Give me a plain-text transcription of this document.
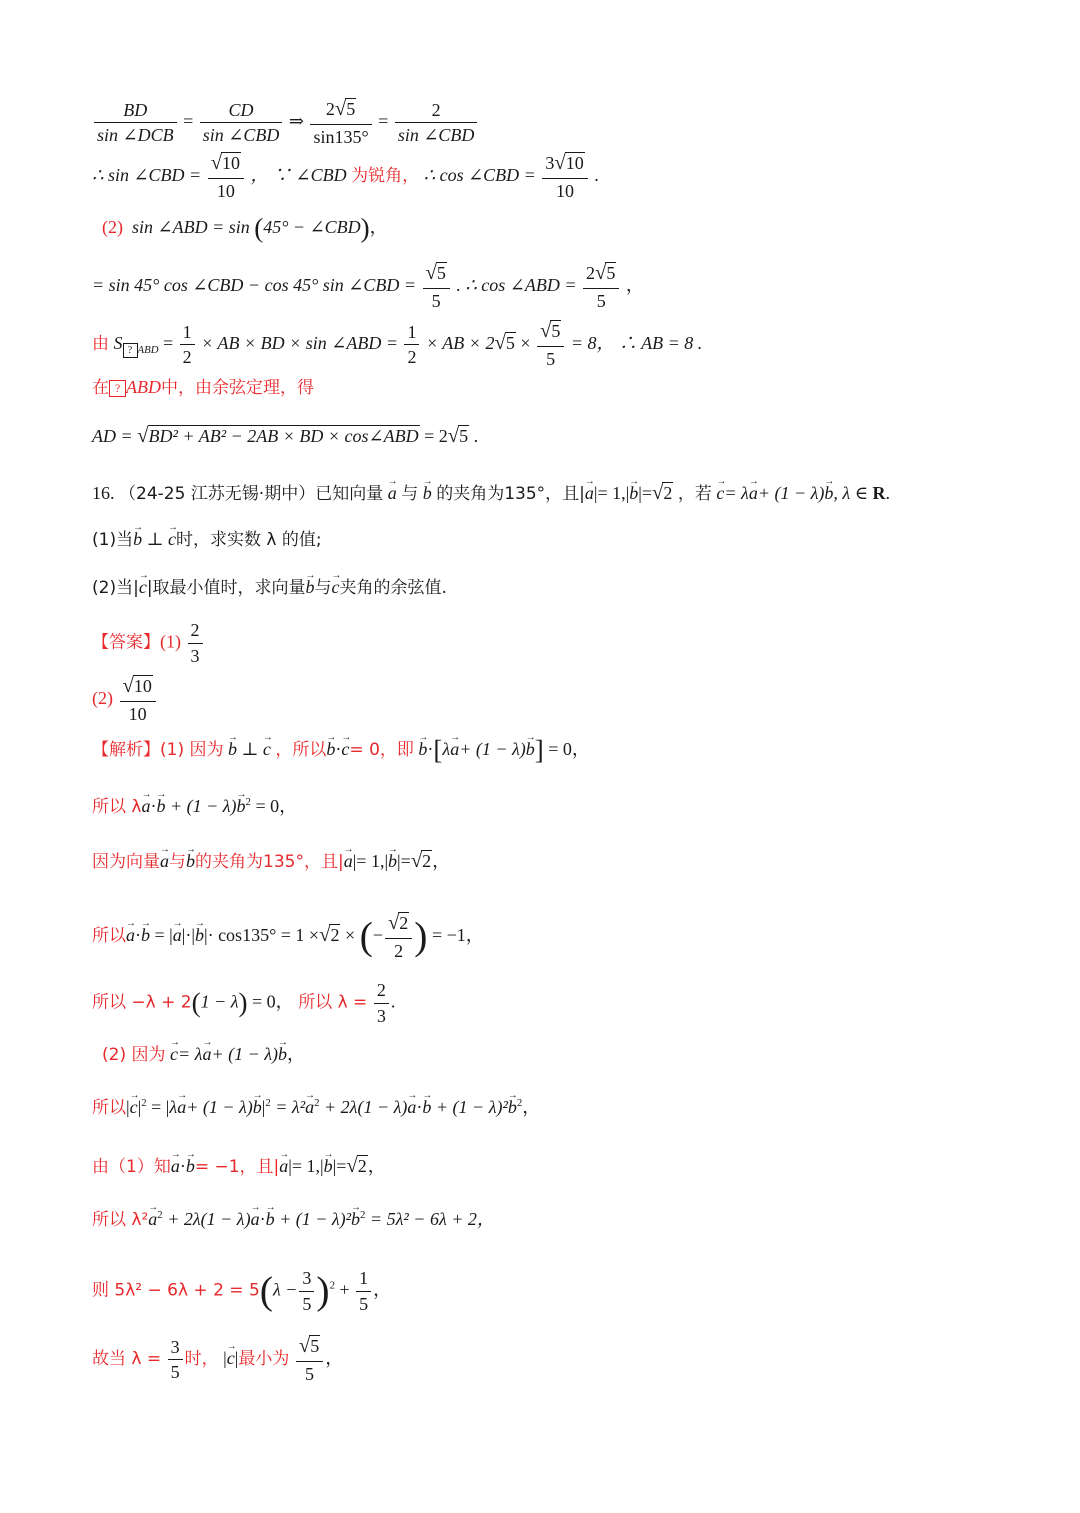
$\frac{BD}{\text{sin ∠DCB}} = \frac{CD}{\text{sin ∠CBD}}$ ⇒ $\frac{2√5}{\sin 135^\circ} = \frac{2}{\text{sin ∠CBD}}$
∴ sin ∠CBD = $\frac{√10}{10}$ ， ∵ ∠CBD 为锐角， ∴ cos ∠CBD = $\frac{3√10}{10}$ .
(2) sin ∠ABD = sin (45° − ∠CBD)，
= sin 45° cos ∠CBD − cos 45° sin ∠CBD = $\frac{√5}{5}$ . ∴ cos ∠ABD = $\frac{2√5}{5}$ ，
由 S $_{? ABD} = \frac{1}{2}$ × AB × BD × sin ∠ABD = $\frac{1}{2}$ × AB × $2√5 \times \frac{√5}{5} = 8$， ∴ AB = 8 .
在 ? ABD中，由余弦定理，得
AD = √BD² + AB² − 2AB × BD × cos∠ABD = 2√5 .
16. （24-25 江苏无锡·期中）已知向量 a → 与 b → 的夹角为135°，且|a →|= 1,|b →|=√2 ，若 c →= λa →+ (1 − λ)b →, λ ∈ R.
(1)当b → ⊥ c →时，求实数 λ 的值;
(2)当|c →|取最小值时，求向量b →与c →夹角的余弦值.
【答案】$(1) \frac{2}{3}$
$(2) \frac{√10}{10}$
【解析】(1) 因为 b → ⊥ c → ，所以b →·c →= 0，即 b →·[λa →+ (1 − λ)b →] = 0，
所以 λa →·b → + (1 − λ)b →$^2$ = 0，
因为向量a →与b →的夹角为135°，且|a →|= 1,|b →|=√2，
所以a →·b → = |a →|·|b →|· cos135° = 1 ×√2 × (− $\frac{√2}{2}$ ) = −1，
所以 −λ + 2(1 − λ) = 0， 所以 $\lambda = \frac{2}{3}$ .
(2) 因为 c →= λa →+ (1 − λ)b →，
所以$|c \to|^2 = |\lambda a \to+ (1 - \lambda)b \to|^2 = \lambda^2a \to^2 + 2\lambda(1 - \lambda)a \to\cdot b$ → + (1 − λ)²b →$^2$，
由（1）知a →·b →= −1，且|a →|= 1,|b →|=√2，
所以 λ²a →$^2$ + 2λ(1 − λ)a →·b → + (1 − λ)²b →$^2$ = 5λ² − 6λ + 2，
则 $5\lambda^2 - 6\lambda + 2 = 5(\lambda - \frac{3}{5} )^2 + \frac{1}{5}$ ，
故当 $\lambda = \frac{3}{5}$ 时， |c →|最小为 $\frac{√5}{5}$ ，
